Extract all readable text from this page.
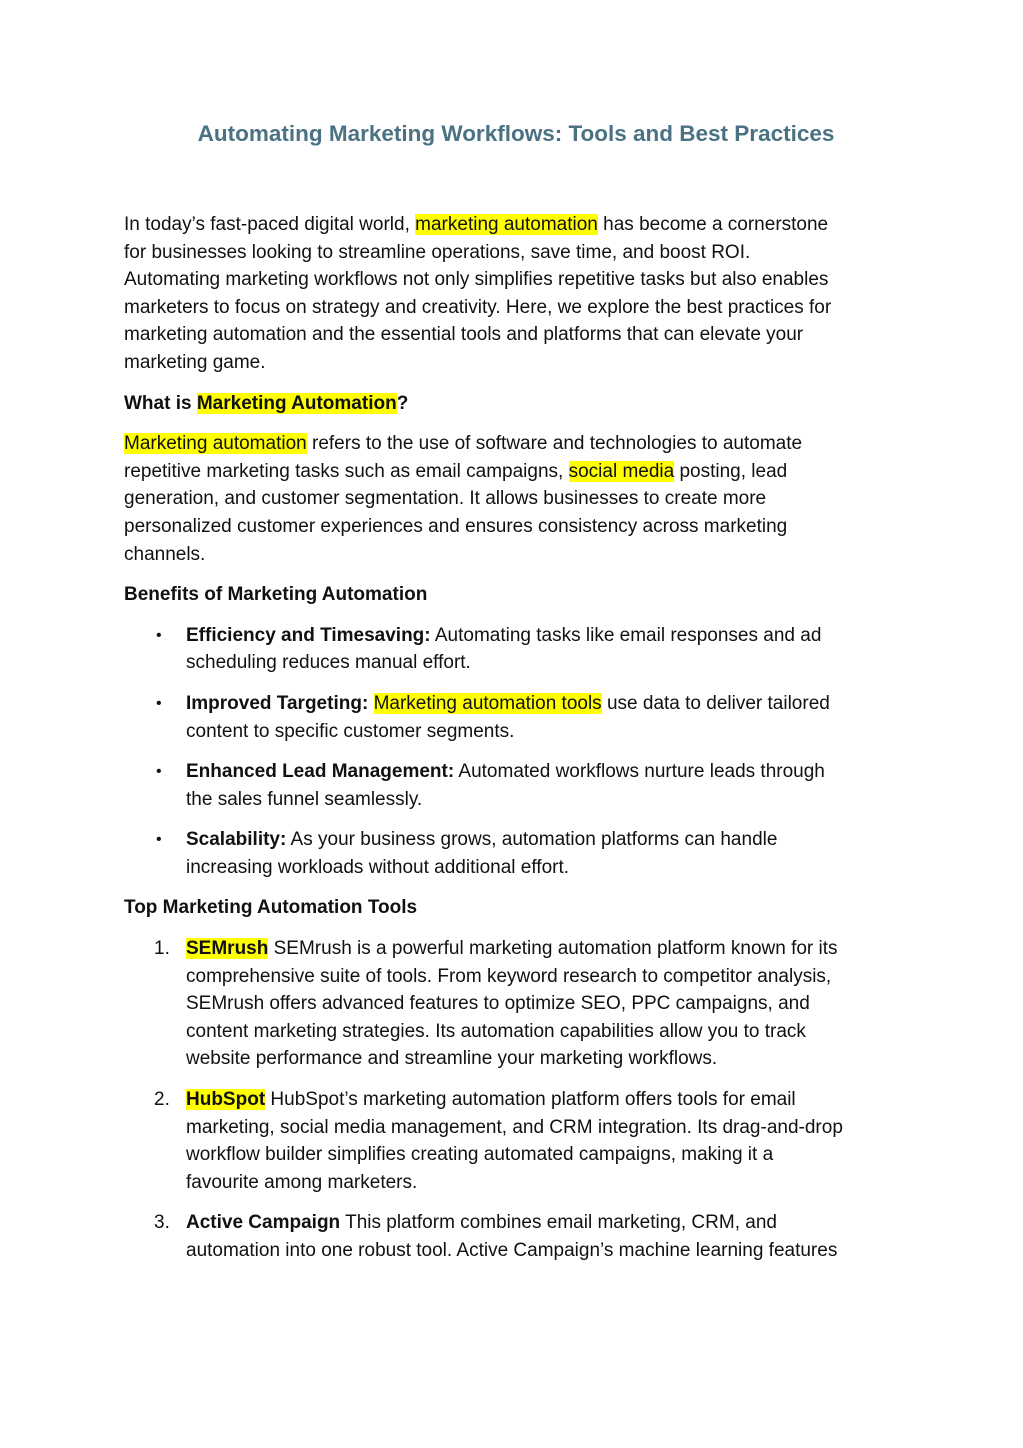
Automating Marketing Workflows: Tools and Best Practices

In today’s fast-paced digital world, marketing automation has become a cornerstone
for businesses looking to streamline operations, save time, and boost ROI.
Automating marketing workflows not only simplifies repetitive tasks but also enables
marketers to focus on strategy and creativity. Here, we explore the best practices for
marketing automation and the essential tools and platforms that can elevate your
marketing game.

What is Marketing Automation?

Marketing automation refers to the use of software and technologies to automate
repetitive marketing tasks such as email campaigns, social media posting, lead
generation, and customer segmentation. It allows businesses to create more
personalized customer experiences and ensures consistency across marketing
channels.

Benefits of Marketing Automation

• Efficiency and Timesaving: Automating tasks like email responses and ad
scheduling reduces manual effort.
• Improved Targeting: Marketing automation tools use data to deliver tailored
content to specific customer segments.
• Enhanced Lead Management: Automated workflows nurture leads through
the sales funnel seamlessly.
• Scalability: As your business grows, automation platforms can handle
increasing workloads without additional effort.

Top Marketing Automation Tools

1. SEMrush SEMrush is a powerful marketing automation platform known for its
comprehensive suite of tools. From keyword research to competitor analysis,
SEMrush offers advanced features to optimize SEO, PPC campaigns, and
content marketing strategies. Its automation capabilities allow you to track
website performance and streamline your marketing workflows.
2. HubSpot HubSpot’s marketing automation platform offers tools for email
marketing, social media management, and CRM integration. Its drag-and-drop
workflow builder simplifies creating automated campaigns, making it a
favourite among marketers.
3. Active Campaign This platform combines email marketing, CRM, and
automation into one robust tool. Active Campaign’s machine learning features
